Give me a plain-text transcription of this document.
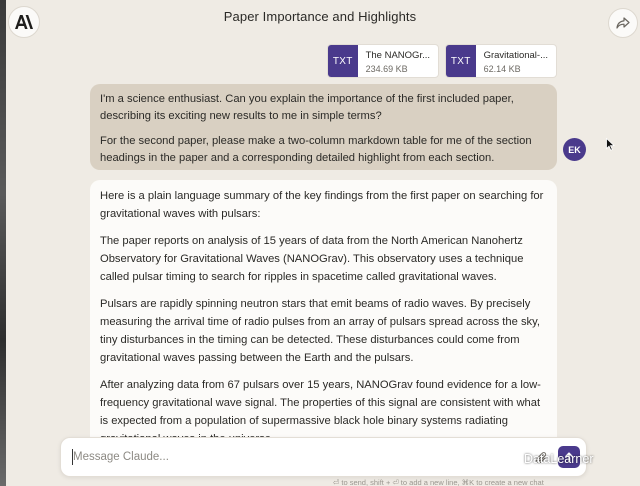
Paper Importance and Highlights
TXT	The NANOGr...
234.69 KB
TXT	Gravitational-...
62.14 KB

I'm a science enthusiast. Can you explain the importance of the first included paper, describing its exciting new results to me in simple terms?

For the second paper, please make a two-column markdown table for me of the section headings in the paper and a corresponding detailed highlight from each section.

EK

Here is a plain language summary of the key findings from the first paper on searching for gravitational waves with pulsars:

The paper reports on analysis of 15 years of data from the North American Nanohertz Observatory for Gravitational Waves (NANOGrav). This observatory uses a technique called pulsar timing to search for ripples in spacetime called gravitational waves.

Pulsars are rapidly spinning neutron stars that emit beams of radio waves. By precisely measuring the arrival time of radio pulses from an array of pulsars spread across the sky, tiny disturbances in the timing can be detected. These disturbances could come from gravitational waves passing between the Earth and the pulsars.

After analyzing data from 67 pulsars over 15 years, NANOGrav found evidence for a low-frequency gravitational wave signal. The properties of this signal are consistent with what is expected from a population of supermassive black hole binary systems radiating

Message Claude...
⏎ to send, shift + ⏎ to add a new line, ⌘K to create a new chat
DataLearner
